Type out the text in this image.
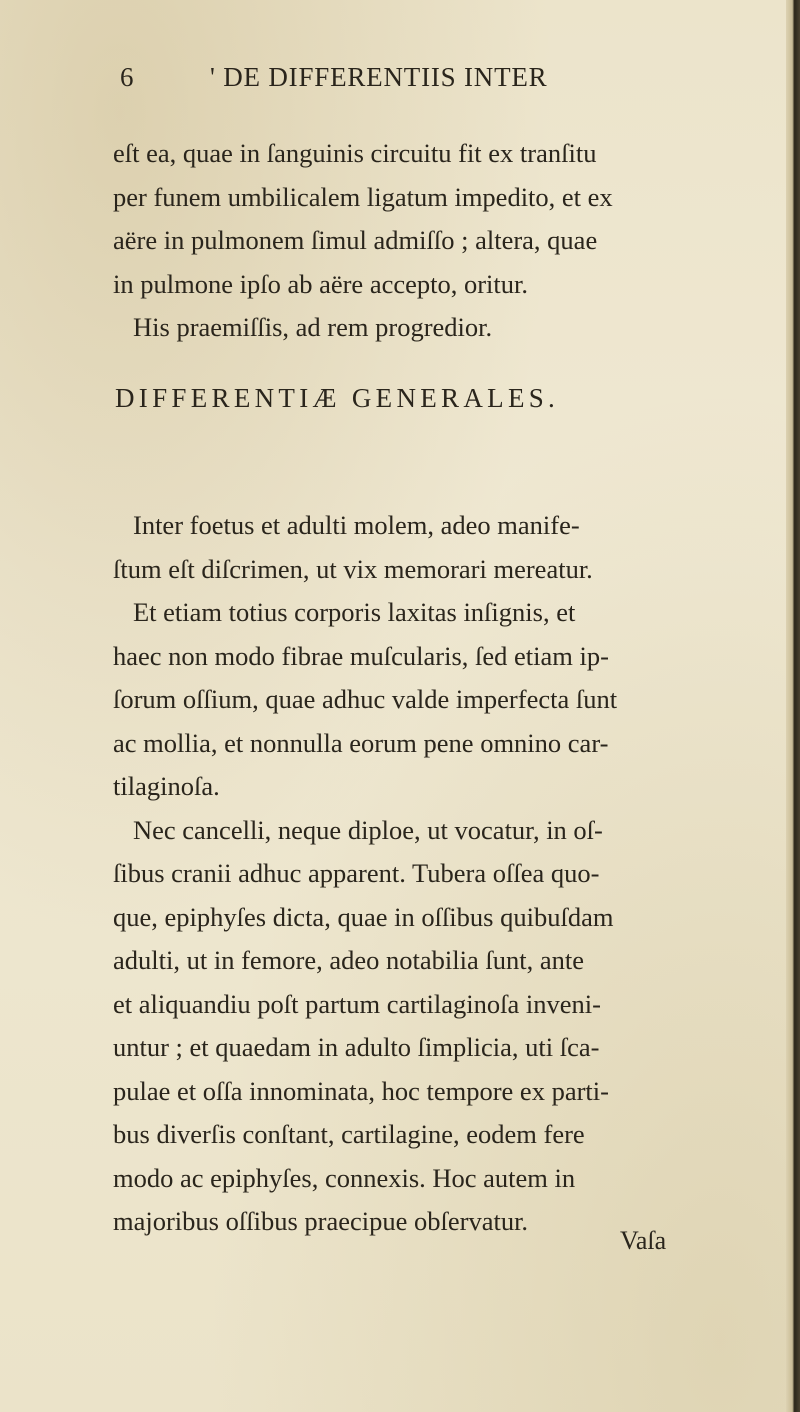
6	' DE DIFFERENTIIS INTER
eſt ea, quae in ſanguinis circuitu fit ex tranſitu
per funem umbilicalem ligatum impedito, et ex
aëre in pulmonem ſimul admiſſo ; altera, quae
in pulmone ipſo ab aëre accepto, oritur.
His praemiſſis, ad rem progredior.
DIFFERENTIÆ GENERALES.
Inter foetus et adulti molem, adeo manife-
ſtum eſt diſcrimen, ut vix memorari mereatur.
Et etiam totius corporis laxitas inſignis, et
haec non modo fibrae muſcularis, ſed etiam ip-
ſorum oſſium, quae adhuc valde imperfecta ſunt
ac mollia, et nonnulla eorum pene omnino car-
tilaginoſa.
Nec cancelli, neque diploe, ut vocatur, in oſ-
ſibus cranii adhuc apparent. Tubera oſſea quo-
que, epiphyſes dicta, quae in oſſibus quibuſdam
adulti, ut in femore, adeo notabilia ſunt, ante
et aliquandiu poſt partum cartilaginoſa inveni-
untur ; et quaedam in adulto ſimplicia, uti ſca-
pulae et oſſa innominata, hoc tempore ex parti-
bus diverſis conſtant, cartilagine, eodem fere
modo ac epiphyſes, connexis. Hoc autem in
majoribus oſſibus praecipue obſervatur.
Vaſa
